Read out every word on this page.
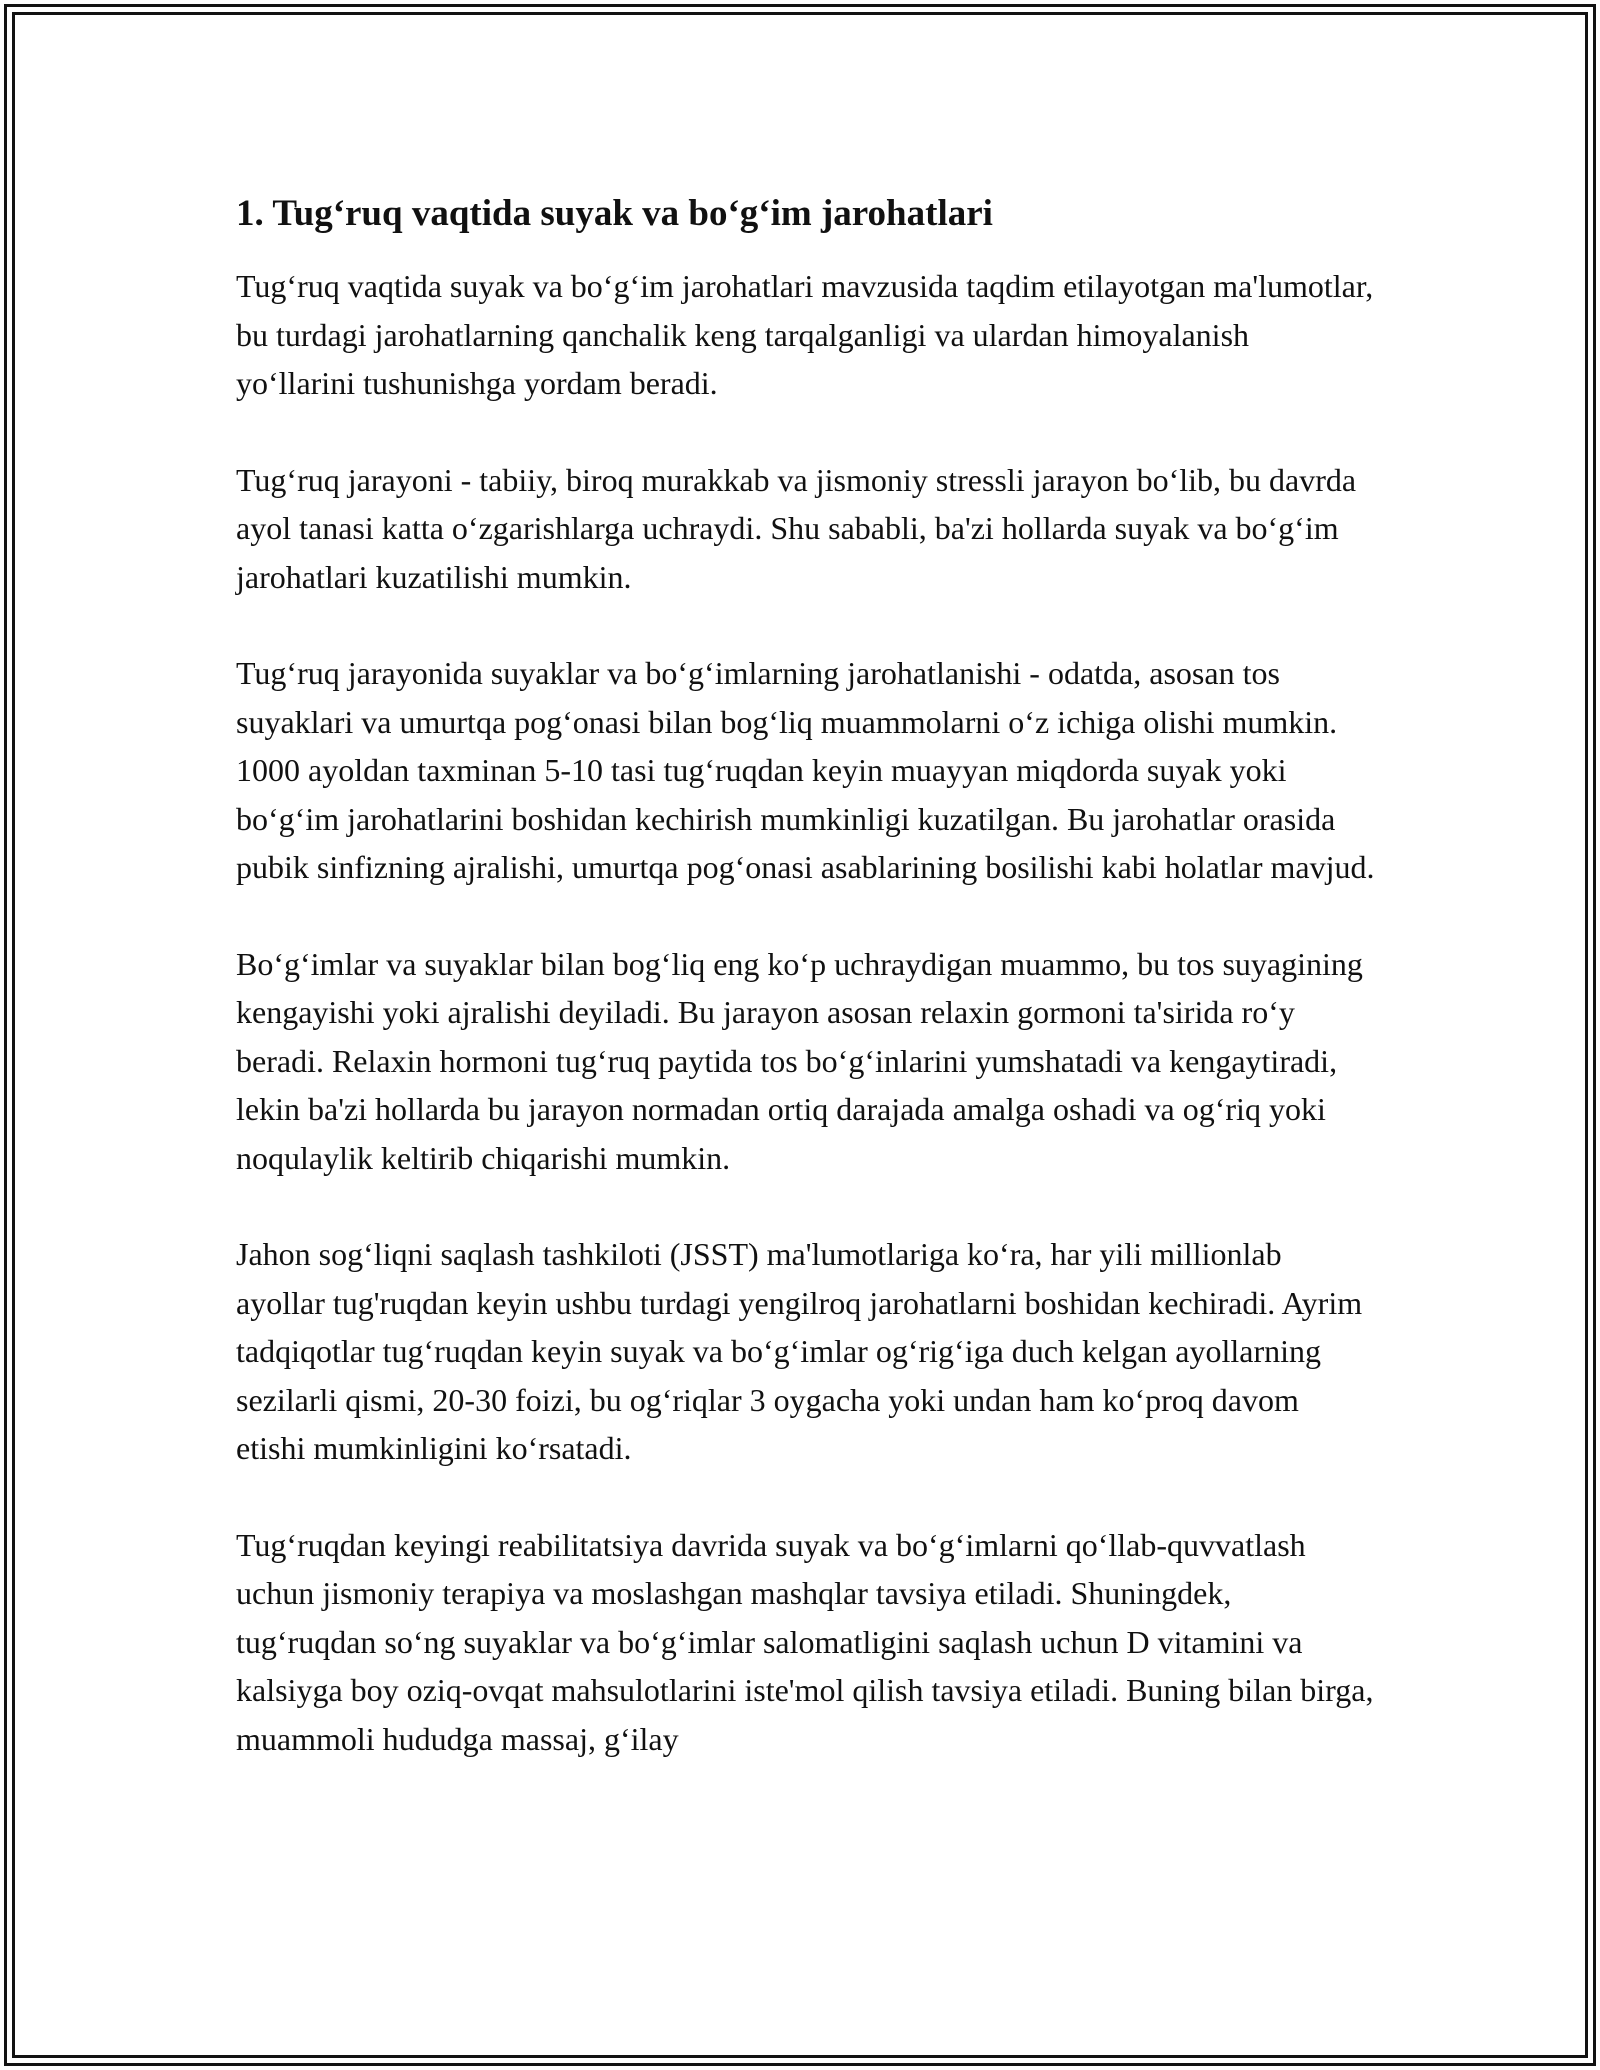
1. Tug‘ruq vaqtida suyak va bo‘g‘im jarohatlari

Tug‘ruq vaqtida suyak va bo‘g‘im jarohatlari mavzusida taqdim etilayotgan ma'lumotlar, bu turdagi jarohatlarning qanchalik keng tarqalganligi va ulardan himoyalanish yo‘llarini tushunishga yordam beradi.

Tug‘ruq jarayoni - tabiiy, biroq murakkab va jismoniy stressli jarayon bo‘lib, bu davrda ayol tanasi katta o‘zgarishlarga uchraydi. Shu sababli, ba'zi hollarda suyak va bo‘g‘im jarohatlari kuzatilishi mumkin.

Tug‘ruq jarayonida suyaklar va bo‘g‘imlarning jarohatlanishi - odatda, asosan tos suyaklari va umurtqa pog‘onasi bilan bog‘liq muammolarni o‘z ichiga olishi mumkin. 1000 ayoldan taxminan 5-10 tasi tug‘ruqdan keyin muayyan miqdorda suyak yoki bo‘g‘im jarohatlarini boshidan kechirish mumkinligi kuzatilgan. Bu jarohatlar orasida pubik sinfizning ajralishi, umurtqa pog‘onasi asablarining bosilishi kabi holatlar mavjud.

Bo‘g‘imlar va suyaklar bilan bog‘liq eng ko‘p uchraydigan muammo, bu tos suyagining kengayishi yoki ajralishi deyiladi. Bu jarayon asosan relaxin gormoni ta'sirida ro‘y beradi. Relaxin hormoni tug‘ruq paytida tos bo‘g‘inlarini yumshatadi va kengaytiradi, lekin ba'zi hollarda bu jarayon normadan ortiq darajada amalga oshadi va og‘riq yoki noqulaylik keltirib chiqarishi mumkin.

Jahon sog‘liqni saqlash tashkiloti (JSST) ma'lumotlariga ko‘ra, har yili millionlab ayollar tug'ruqdan keyin ushbu turdagi yengilroq jarohatlarni boshidan kechiradi. Ayrim tadqiqotlar tug‘ruqdan keyin suyak va bo‘g‘imlar og‘rig‘iga duch kelgan ayollarning sezilarli qismi, 20-30 foizi, bu og‘riqlar 3 oygacha yoki undan ham ko‘proq davom etishi mumkinligini ko‘rsatadi.

Tug‘ruqdan keyingi reabilitatsiya davrida suyak va bo‘g‘imlarni qo‘llab-quvvatlash uchun jismoniy terapiya va moslashgan mashqlar tavsiya etiladi. Shuningdek, tug‘ruqdan so‘ng suyaklar va bo‘g‘imlar salomatligini saqlash uchun D vitamini va kalsiyga boy oziq-ovqat mahsulotlarini iste'mol qilish tavsiya etiladi. Buning bilan birga, muammoli hududga massaj, g‘ilay
